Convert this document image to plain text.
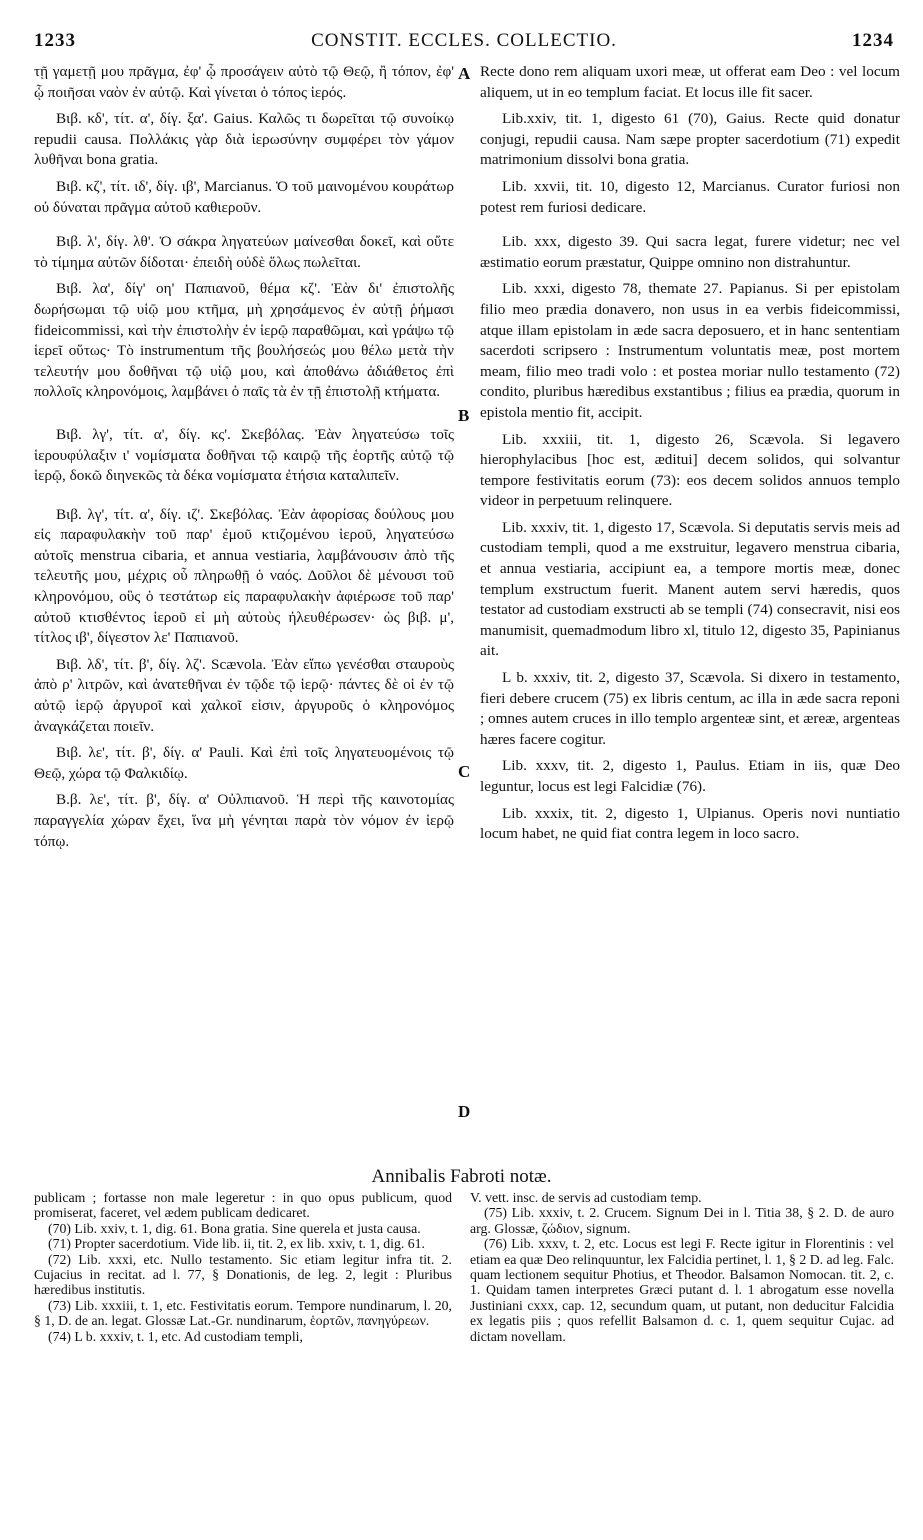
1233	CONSTIT. ECCLES. COLLECTIO.	1234

τῇ γαμετῇ μου πρᾶγμα, ἐφ' ᾧ προσάγειν αὐτὸ τῷ Θεῷ, ἢ τόπον, ἐφ' ᾧ ποιῆσαι ναὸν ἐν αὐτῷ. Καὶ γίνεται ὁ τόπος ἱερός.

Βιβ. κδ', τίτ. α', δίγ. ξα'. Gaius. Καλῶς τι δωρεῖται τῷ συνοίκῳ repudii causa. Πολλάκις γὰρ διὰ ἱερωσύνην συμφέρει τὸν γάμον λυθῆναι bona gratia.

Βιβ. κζ', τίτ. ιδ', δίγ. ιβ', Marcianus. Ὁ τοῦ μαινομένου κουράτωρ οὐ δύναται πρᾶγμα αὐτοῦ καθιεροῦν.

Βιβ. λ', δίγ. λθ'. Ὁ σάκρα ληγατεύων μαίνεσθαι δοκεῖ, καὶ οὔτε τὸ τίμημα αὐτῶν δίδοται· ἐπειδὴ οὐδὲ ὅλως πωλεῖται.

Βιβ. λα', δίγ' οη' Παπιανοῦ, θέμα κζ'. Ἐὰν δι' ἐπιστολῆς δωρήσωμαι τῷ υἱῷ μου κτῆμα, μὴ χρησάμενος ἐν αὐτῇ ῥήμασι fideicommissi, καὶ τὴν ἐπιστολὴν ἐν ἱερῷ παραθῶμαι, καὶ γράψω τῷ ἱερεῖ οὕτως· Τὸ instrumentum τῆς βουλήσεώς μου θέλω μετὰ τὴν τελευτήν μου δοθῆναι τῷ υἱῷ μου, καὶ ἀποθάνω ἀδιάθετος ἐπὶ πολλοῖς κληρονόμοις, λαμβάνει ὁ παῖς τὰ ἐν τῇ ἐπιστολῇ κτήματα.

Βιβ. λγ', τίτ. α', δίγ. κς'. Σκεβόλας. Ἐὰν ληγατεύσω τοῖς ἱερουφύλαξιν ι' νομίσματα δοθῆναι τῷ καιρῷ τῆς ἑορτῆς αὐτῷ τῷ ἱερῷ, δοκῶ διηνεκῶς τὰ δέκα νομίσματα ἐτήσια καταλιπεῖν.

Βιβ. λγ', τίτ. α', δίγ. ιζ'. Σκεβόλας. Ἐὰν ἀφορίσας δούλους μου εἰς παραφυλακὴν τοῦ παρ' ἐμοῦ κτιζομένου ἱεροῦ, ληγατεύσω αὐτοῖς menstrua cibaria, et annua vestiaria, λαμβάνουσιν ἀπὸ τῆς τελευτῆς μου, μέχρις οὗ πληρωθῇ ὁ ναός. Δοῦλοι δὲ μένουσι τοῦ κληρονόμου, οὓς ὁ τεστάτωρ εἰς παραφυλακὴν ἀφιέρωσε τοῦ παρ' αὐτοῦ κτισθέντος ἱεροῦ εἰ μὴ αὐτοὺς ἠλευθέρωσεν· ὡς βιβ. μ', τίτλος ιβ', δίγεστον λε' Παπιανοῦ.

Βιβ. λδ', τίτ. β', δίγ. λζ'. Scævola. Ἐὰν εἴπω γενέσθαι σταυροὺς ἀπὸ ρ' λιτρῶν, καὶ ἀνατεθῆναι ἐν τῷδε τῷ ἱερῷ· πάντες δὲ οἱ ἐν τῷ αὐτῷ ἱερῷ ἀργυροῖ καὶ χαλκοῖ εἰσιν, ἀργυροῦς ὁ κληρονόμος ἀναγκάζεται ποιεῖν.

Βιβ. λε', τίτ. β', δίγ. α' Pauli. Καὶ ἐπὶ τοῖς ληγατευομένοις τῷ Θεῷ, χώρα τῷ Φαλκιδίῳ.

Β.β. λε', τίτ. β', δίγ. α' Οὐλπιανοῦ. Ἡ περὶ τῆς καινοτομίας παραγγελία χώραν ἔχει, ἵνα μὴ γένηται παρὰ τὸν νόμον ἐν ἱερῷ τόπῳ.

A
B
C
D

Recte dono rem aliquam uxori meæ, ut offerat eam Deo : vel locum aliquem, ut in eo templum faciat. Et locus ille fit sacer.

Lib.xxiv, tit. 1, digesto 61 (70), Gaius. Recte quid donatur conjugi, repudii causa. Nam sæpe propter sacerdotium (71) expedit matrimonium dissolvi bona gratia.

Lib. xxvii, tit. 10, digesto 12, Marcianus. Curator furiosi non potest rem furiosi dedicare.

Lib. xxx, digesto 39. Qui sacra legat, furere videtur; nec vel æstimatio eorum præstatur, Quippe omnino non distrahuntur.

Lib. xxxi, digesto 78, themate 27. Papianus. Si per epistolam filio meo prædia donavero, non usus in ea verbis fideicommissi, atque illam epistolam in æde sacra deposuero, et in hanc sententiam sacerdoti scripsero : Instrumentum voluntatis meæ, post mortem meam, filio meo tradi volo : et postea moriar nullo testamento (72) condito, pluribus hæredibus exstantibus ; filius ea prædia, quorum in epistola mentio fit, accipit.

Lib. xxxiii, tit. 1, digesto 26, Scævola. Si legavero hierophylacibus [hoc est, æditui] decem solidos, qui solvantur tempore festivitatis eorum (73): eos decem solidos annuos templo videor in perpetuum relinquere.

Lib. xxxiv, tit. 1, digesto 17, Scævola. Si deputatis servis meis ad custodiam templi, quod a me exstruitur, legavero menstrua cibaria, et annua vestiaria, accipiunt ea, a tempore mortis meæ, donec templum exstructum fuerit. Manent autem servi hæredis, quos testator ad custodiam exstructi ab se templi (74) consecravit, nisi eos manumisit, quemadmodum libro xl, titulo 12, digesto 35, Papinianus ait.

L b. xxxiv, tit. 2, digesto 37, Scævola. Si dixero in testamento, fieri debere crucem (75) ex libris centum, ac illa in æde sacra reponi ; omnes autem cruces in illo templo argenteæ sint, et æreæ, argenteas hæres facere cogitur.

Lib. xxxv, tit. 2, digesto 1, Paulus. Etiam in iis, quæ Deo leguntur, locus est legi Falcidiæ (76).

Lib. xxxix, tit. 2, digesto 1, Ulpianus. Operis novi nuntiatio locum habet, ne quid fiat contra legem in loco sacro.

Annibalis Fabroti notæ.

publicam ; fortasse non male legeretur : in quo opus publicum, quod promiserat, faceret, vel ædem publicam dedicaret.

(70) Lib. xxiv, t. 1, dig. 61. Bona gratia. Sine querela et justa causa.

(71) Propter sacerdotium. Vide lib. ii, tit. 2, ex lib. xxiv, t. 1, dig. 61.

(72) Lib. xxxi, etc. Nullo testamento. Sic etiam legitur infra tit. 2. Cujacius in recitat. ad l. 77, § Donationis, de leg. 2, legit : Pluribus hæredibus institutis.

(73) Lib. xxxiii, t. 1, etc. Festivitatis eorum. Tempore nundinarum, l. 20, § 1, D. de an. legat. Glossæ Lat.-Gr. nundinarum, ἑορτῶν, πανηγύρεων.

(74) L b. xxxiv, t. 1, etc. Ad custodiam templi,

V. vett. insc. de servis ad custodiam temp.

(75) Lib. xxxiv, t. 2. Crucem. Signum Dei in l. Titia 38, § 2. D. de auro arg. Glossæ, ζώδιον, signum.

(76) Lib. xxxv, t. 2, etc. Locus est legi F. Recte igitur in Florentinis : vel etiam ea quæ Deo relinquuntur, lex Falcidia pertinet, l. 1, § 2 D. ad leg. Falc. quam lectionem sequitur Photius, et Theodor. Balsamon Nomocan. tit. 2, c. 1. Quidam tamen interpretes Græci putant d. l. 1 abrogatum esse novella Justiniani cxxx, cap. 12, secundum quam, ut putant, non deducitur Falcidia ex legatis piis ; quos refellit Balsamon d. c. 1, quem sequitur Cujac. ad dictam novellam.
